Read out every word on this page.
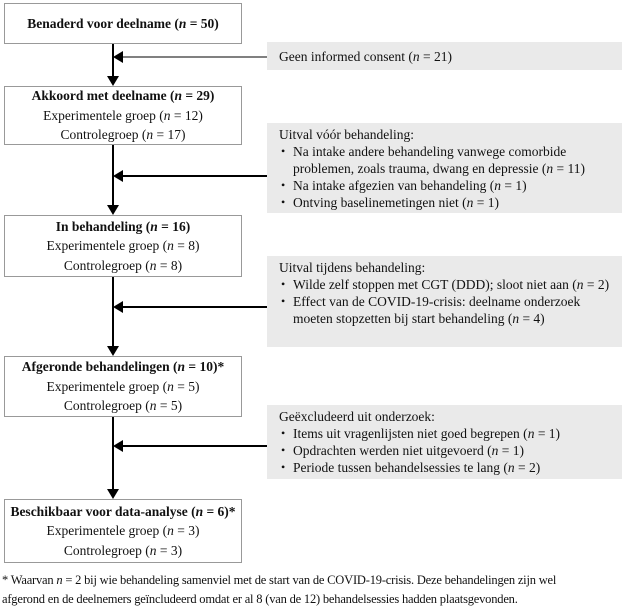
Benaderd voor deelname (n = 50)
Akkoord met deelname (n = 29)
Experimentele groep (n = 12)
Controlegroep (n = 17)
In behandeling (n = 16)
Experimentele groep (n = 8)
Controlegroep (n = 8)
Afgeronde behandelingen (n = 10)*
Experimentele groep (n = 5)
Controlegroep (n = 5)
Beschikbaar voor data-analyse (n = 6)*
Experimentele groep (n = 3)
Controlegroep (n = 3)
Geen informed consent (n = 21)
Uitval vóór behandeling:
• Na intake andere behandeling vanwege comorbide problemen, zoals trauma, dwang en depressie (n = 11)
• Na intake afgezien van behandeling (n = 1)
• Ontving baselinemetingen niet (n = 1)
Uitval tijdens behandeling:
• Wilde zelf stoppen met CGT (DDD); sloot niet aan (n = 2)
• Effect van de COVID-19-crisis: deelname onderzoek moeten stopzetten bij start behandeling (n = 4)
Geëxcludeerd uit onderzoek:
• Items uit vragenlijsten niet goed begrepen (n = 1)
• Opdrachten werden niet uitgevoerd (n = 1)
• Periode tussen behandelsessies te lang (n = 2)
* Waarvan n = 2 bij wie behandeling samenviel met de start van de COVID-19-crisis. Deze behandelingen zijn wel
afgerond en de deelnemers geïncludeerd omdat er al 8 (van de 12) behandelsessies hadden plaatsgevonden.
